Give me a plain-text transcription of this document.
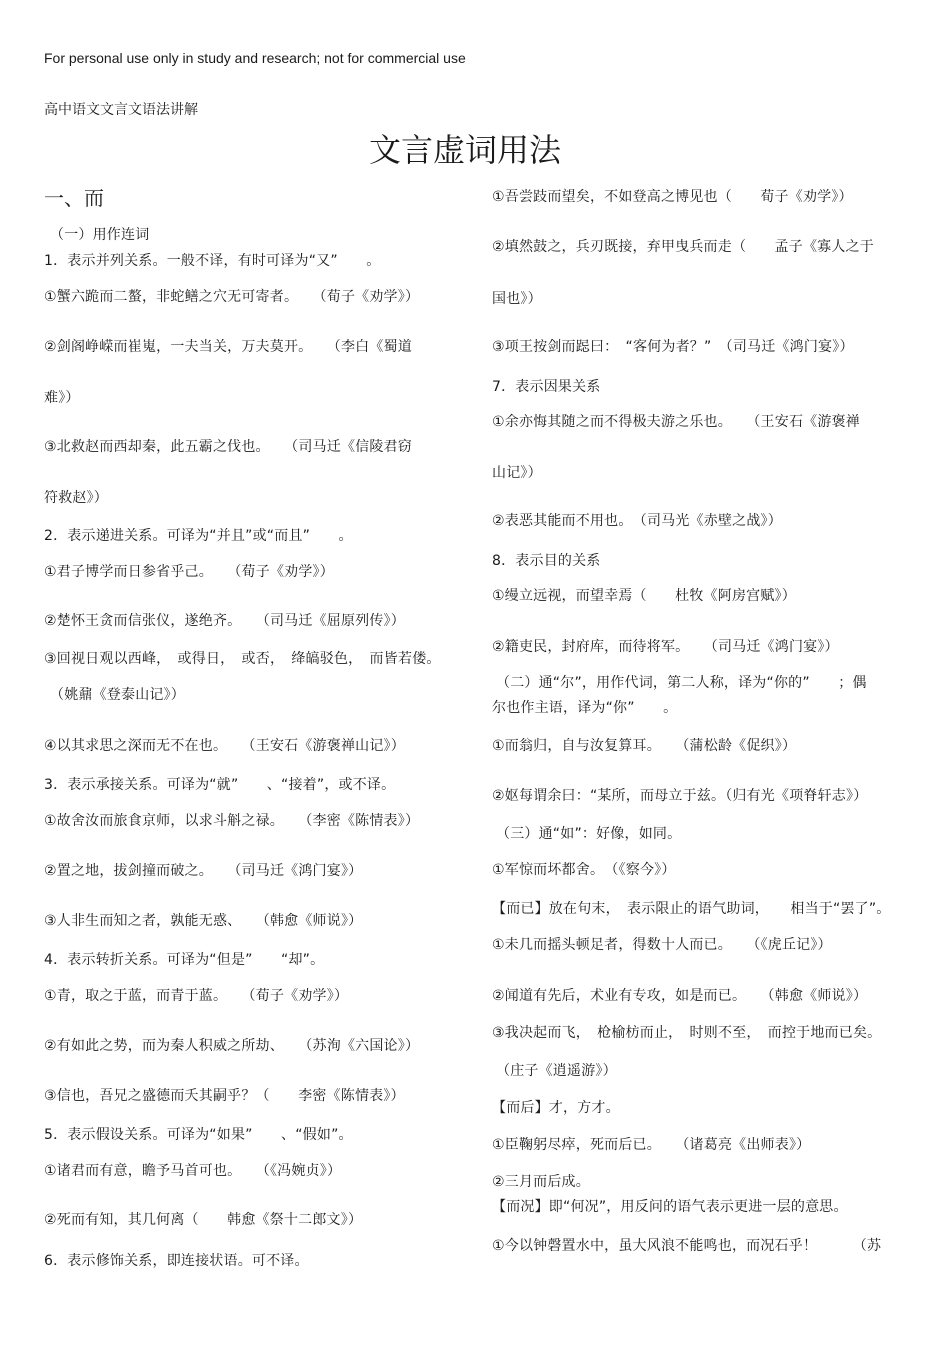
For personal use only in study and research; not for commercial use
高中语文文言文语法讲解
文言虚词用法
一、而
（一）用作连词
1．表示并列关系。一般不译，有时可译为“又”　　。
①蟹六跪而二螯，非蛇鳝之穴无可寄者。　　（荀子《劝学》）
②剑阁峥嵘而崔嵬，一夫当关，万夫莫开。　　（李白《蜀道
难》）
③北救赵而西却秦，此五霸之伐也。　　（司马迁《信陵君窃
符救赵》）
2．表示递进关系。可译为“并且”或“而且”　　。
①君子博学而日参省乎己。　　（荀子《劝学》）
②楚怀王贪而信张仪，遂绝齐。　　（司马迁《屈原列传》）
③回视日观以西峰，　或得日，　或否，　绛皜驳色，　而皆若偻。
（姚鼐《登泰山记》）
④以其求思之深而无不在也。　　（王安石《游褒禅山记》）
3．表示承接关系。可译为“就”　　、“接着”，或不译。
①故舍汝而旅食京师，以求斗斛之禄。　　（李密《陈情表》）
②置之地，拔剑撞而破之。　　（司马迁《鸿门宴》）
③人非生而知之者，孰能无惑、　　（韩愈《师说》）
4．表示转折关系。可译为“但是”　　“却”。
①青，取之于蓝，而青于蓝。　　（荀子《劝学》）
②有如此之势，而为秦人积威之所劫、　　（苏洵《六国论》）
③信也，吾兄之盛德而夭其嗣乎？（　　李密《陈情表》）
5．表示假设关系。可译为“如果”　　、“假如”。
①诸君而有意，瞻予马首可也。　　（《冯婉贞》）
②死而有知，其几何离（　　韩愈《祭十二郎文》）
6．表示修饰关系，即连接状语。可不译。
①吾尝跂而望矣，不如登高之博见也（　　荀子《劝学》）
②填然鼓之，兵刃既接，弃甲曳兵而走（　　孟子《寡人之于
国也》）
③项王按剑而跽曰：　“客何为者？”　（司马迁《鸿门宴》）
7．表示因果关系
①余亦悔其随之而不得极夫游之乐也。　　（王安石《游褒禅
山记》）
②表恶其能而不用也。　（司马光《赤壁之战》）
8．表示目的关系
①缦立远视，而望幸焉（　　杜牧《阿房宫赋》）
②籍吏民，封府库，而待将军。　　（司马迁《鸿门宴》）
（二）通“尔”，用作代词，第二人称，译为“你的”　　；偶
尔也作主语，译为“你”　　。
①而翁归，自与汝复算耳。　　（蒲松龄《促织》）
②妪每谓余曰：“某所，而母立于兹。（归有光《项脊轩志》）
（三）通“如”：好像，如同。
①军惊而坏都舍。　（《察今》）
【而已】放在句末，　表示限止的语气助词，　　相当于“罢了”。
①未几而摇头顿足者，得数十人而已。　　（《虎丘记》）
②闻道有先后，术业有专攻，如是而已。　　（韩愈《师说》）
③我决起而飞，　枪榆枋而止，　时则不至，　而控于地而已矣。
（庄子《逍遥游》）
【而后】才，方才。
①臣鞠躬尽瘁，死而后已。　　（诸葛亮《出师表》）
②三月而后成。
【而况】即“何况”，用反问的语气表示更进一层的意思。
①今以钟磬置水中，虽大风浪不能鸣也，而况石乎！　　　（苏
